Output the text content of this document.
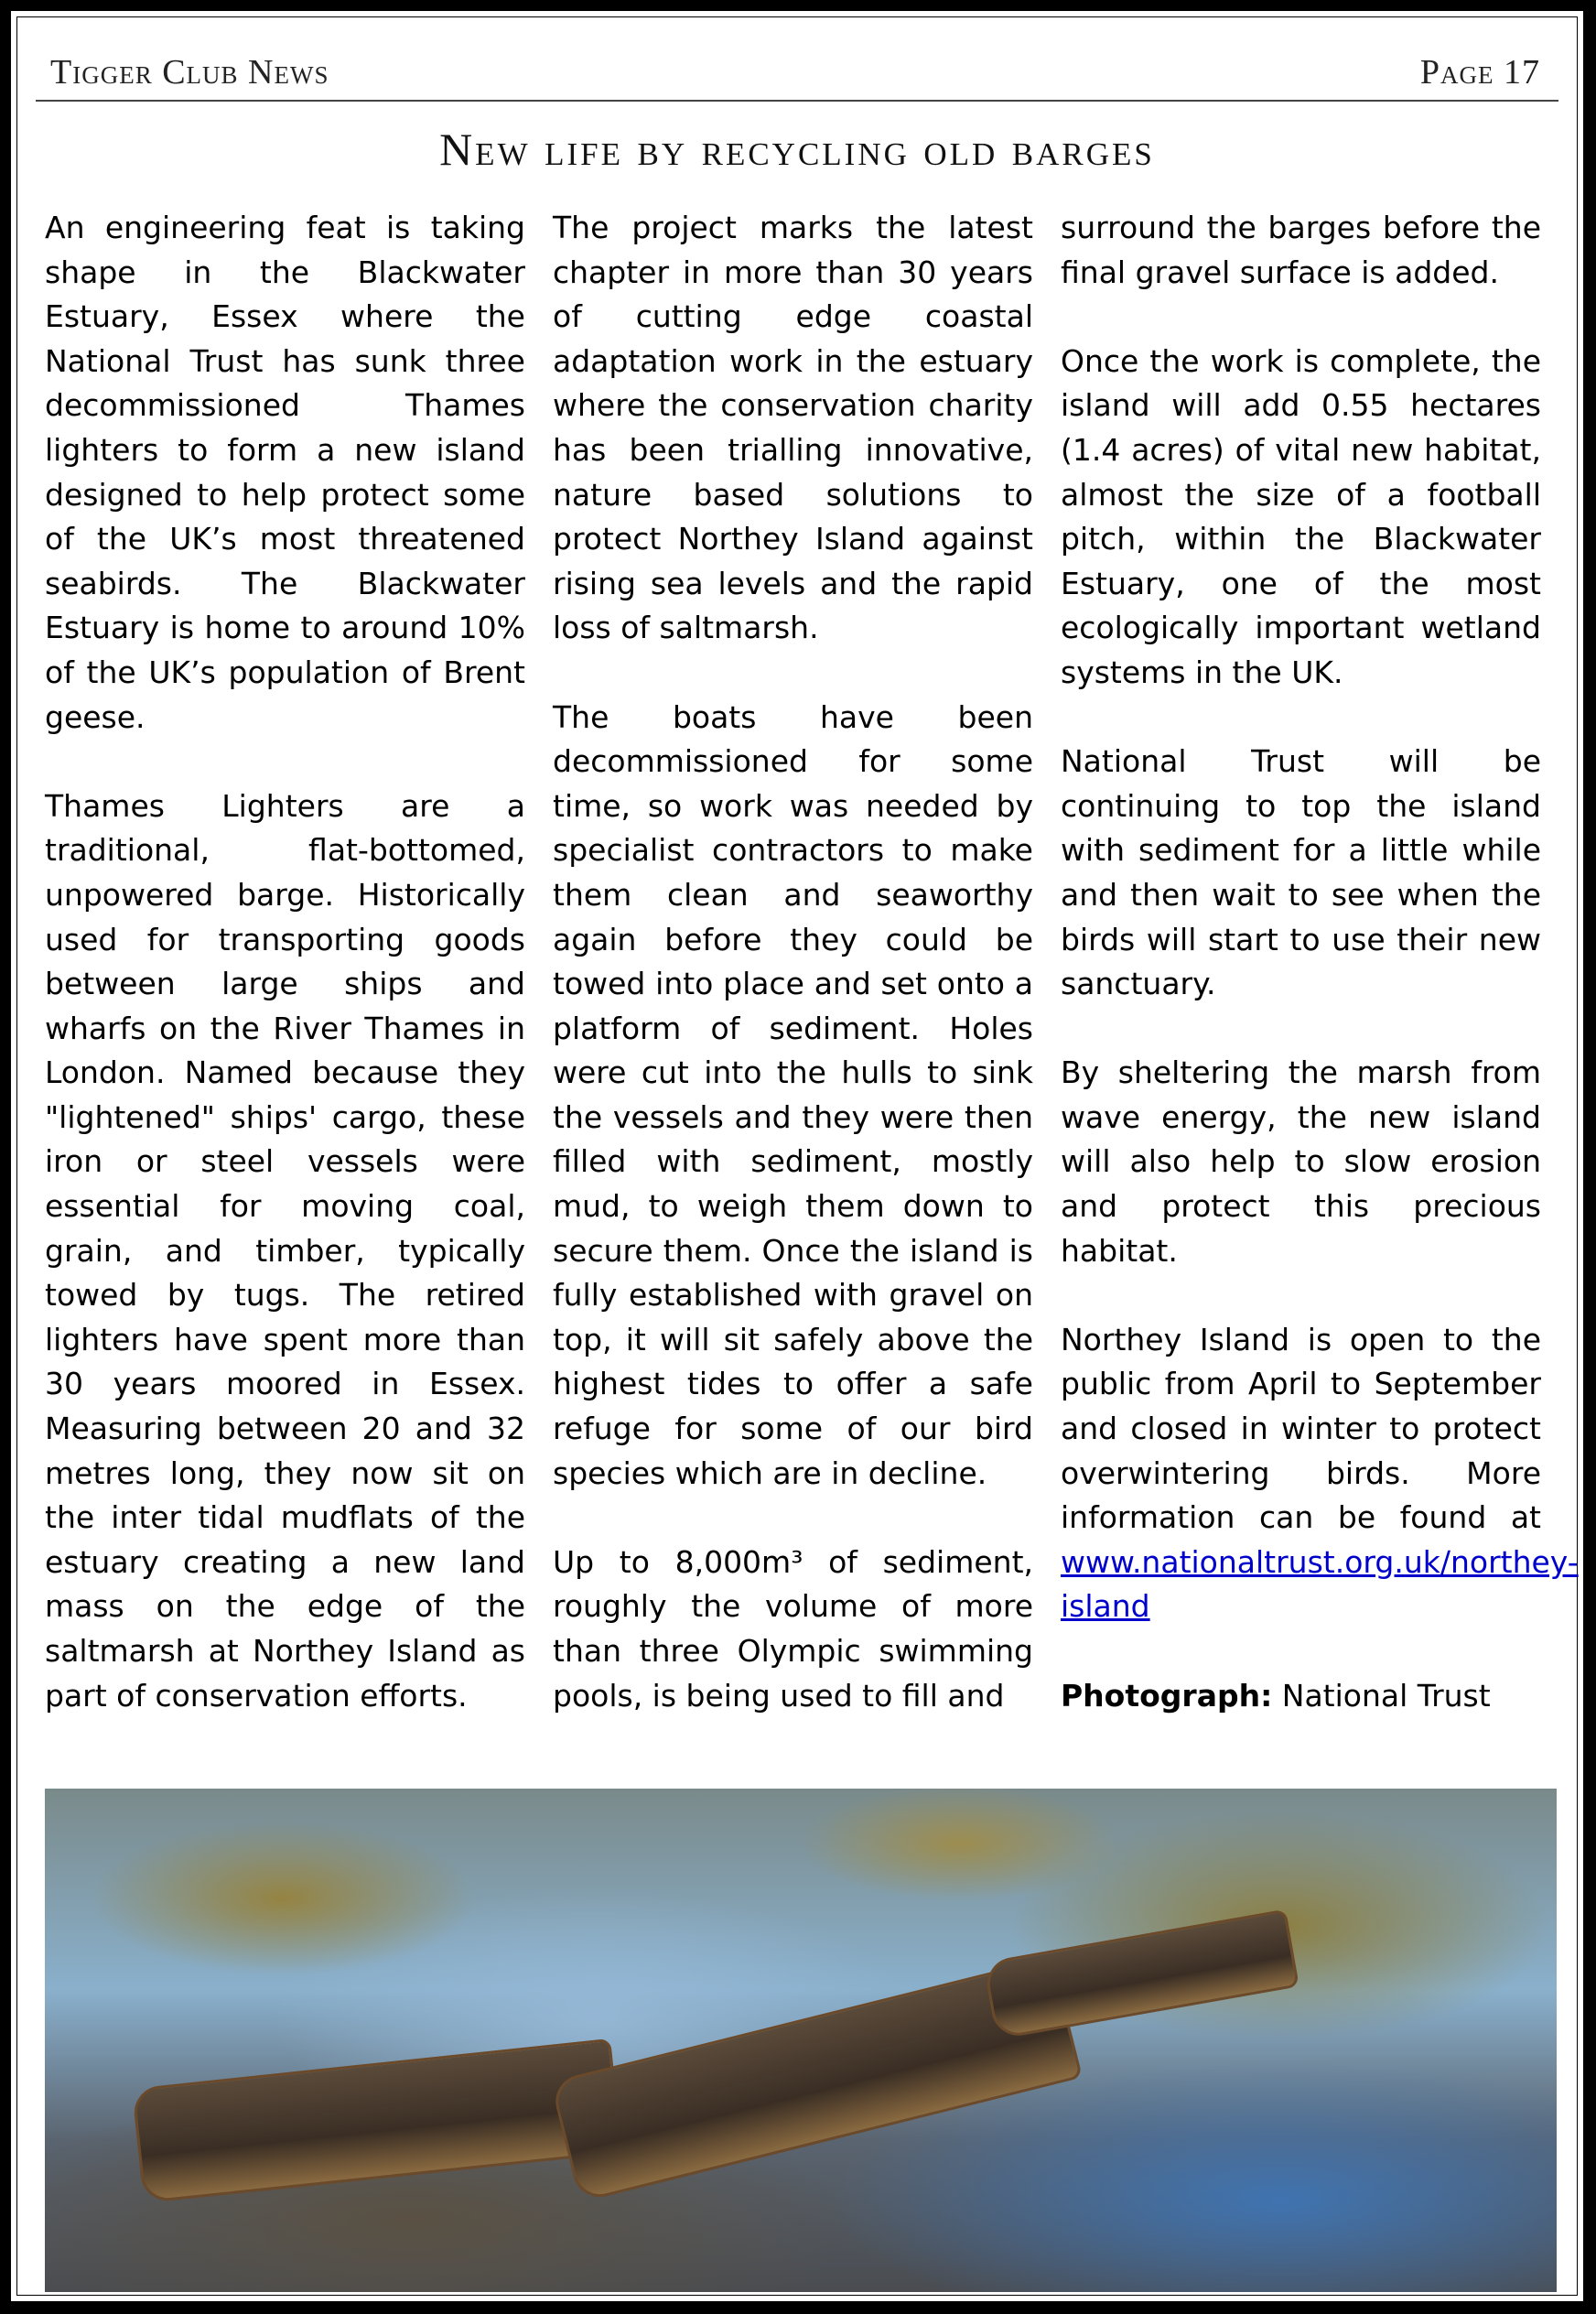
Tigger Club News	Page 17
New life by recycling old barges

An engineering feat is taking shape in the Blackwater Estuary, Essex where the National Trust has sunk three decommissioned Thames lighters to form a new island designed to help protect some of the UK’s most threatened seabirds. The Blackwater Estuary is home to around 10% of the UK’s population of Brent geese.

Thames Lighters are a traditional, flat-bottomed, unpowered barge. Historically used for transporting goods between large ships and wharfs on the River Thames in London. Named because they "lightened" ships' cargo, these iron or steel vessels were essential for moving coal, grain, and timber, typically towed by tugs. The retired lighters have spent more than 30 years moored in Essex. Measuring between 20 and 32 metres long, they now sit on the inter tidal mudflats of the estuary creating a new land mass on the edge of the saltmarsh at Northey Island as part of conservation efforts.

The project marks the latest chapter in more than 30 years of cutting edge coastal adaptation work in the estuary where the conservation charity has been trialling innovative, nature based solutions to protect Northey Island against rising sea levels and the rapid loss of saltmarsh.

The boats have been decommissioned for some time, so work was needed by specialist contractors to make them clean and seaworthy again before they could be towed into place and set onto a platform of sediment. Holes were cut into the hulls to sink the vessels and they were then filled with sediment, mostly mud, to weigh them down to secure them. Once the island is fully established with gravel on top, it will sit safely above the highest tides to offer a safe refuge for some of our bird species which are in decline.

Up to 8,000m³ of sediment, roughly the volume of more than three Olympic swimming pools, is being used to fill and

surround the barges before the final gravel surface is added.

Once the work is complete, the island will add 0.55 hectares (1.4 acres) of vital new habitat, almost the size of a football pitch, within the Blackwater Estuary, one of the most ecologically important wetland systems in the UK.

National Trust will be continuing to top the island with sediment for a little while and then wait to see when the birds will start to use their new sanctuary.

By sheltering the marsh from wave energy, the new island will also help to slow erosion and protect this precious habitat.

Northey Island is open to the public from April to September and closed in winter to protect overwintering birds. More information can be found at www.nationaltrust.org.uk/northey-island

Photograph: National Trust
